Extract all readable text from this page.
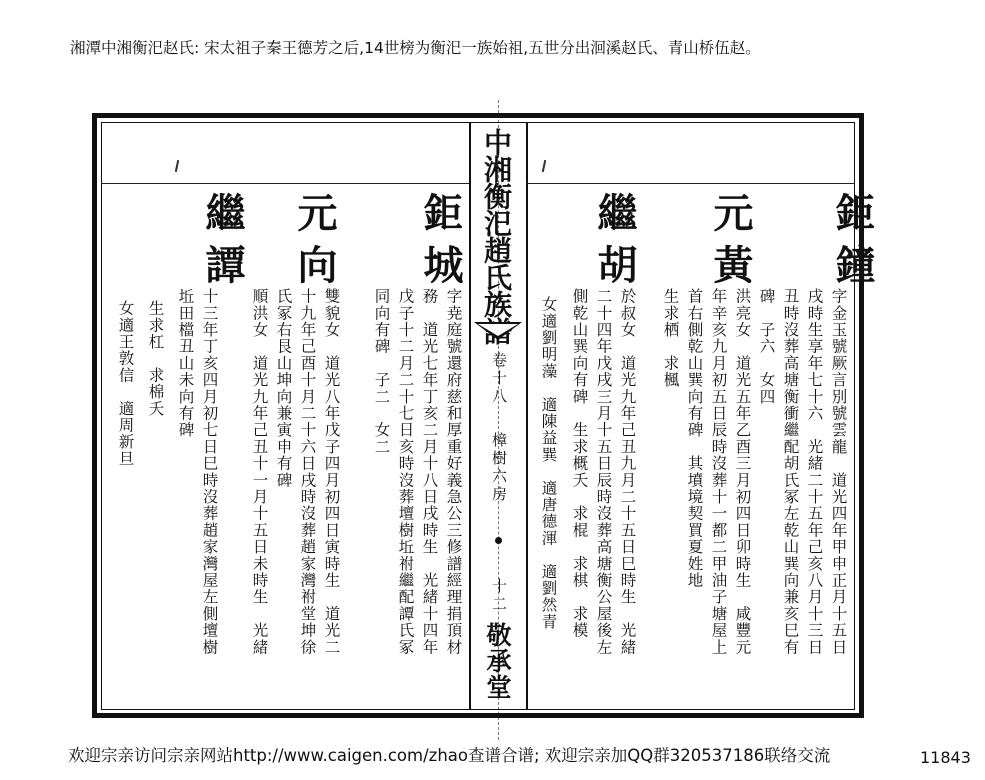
湘潭中湘衡汜赵氏: 宋太祖子秦王德芳之后,14世榜为衡汜一族始祖,五世分出洄溪赵氏、青山桥伍赵。
中湘衡汜趙氏族譜
卷十八
樟樹六房
十二
敬承堂
鉅鐘
元黃
繼胡
字金玉號厥言別號雲龍　道光四年甲申正月十五日
戌時生享年七十六　光緒二十五年己亥八月十三日
丑時沒葬高塘衡衝繼配胡氏冢左乾山巽向兼亥巳有
碑　子六　女四
洪亮女　道光五年乙酉三月初四日卯時生　咸豐元
年辛亥九月初五日辰時沒葬十一都二甲油子塘屋上
首右側乾山巽向有碑　其墳境契買夏姓地
生求栖　求楓
於叔女　道光九年己丑九月二十五日巳時生　光緒
二十四年戊戌三月十五日辰時沒葬高塘衡公屋後左
側乾山巽向有碑　生求概夭　求棍　求棋　求模
女適劉明藻　適陳益巽　適唐德渾　適劉然青
鉅城
元向
繼譚
字尭庭號還府慈和厚重好義急公三修譜經理捐頂材
務　道光七年丁亥二月十八日戌時生　光緒十四年
戊子十二月二十七日亥時沒葬壇樹坵祔繼配譚氏冢
同向有碑　子二　女二
雙貌女　道光八年戊子四月初四日寅時生　道光二
十九年己酉十月二十六日戌時沒葬趙家灣祔堂坤徐
氏冢右艮山坤向兼寅申有碑
順洪女　道光九年己丑十一月十五日未時生　光緒
十三年丁亥四月初七日巳時沒葬趙家灣屋左側壇樹
坵田檔丑山未向有碑
生求杠　求棉夭
女適王敦信　適周新旦
欢迎宗亲访问宗亲网站http://www.caigen.com/zhao查谱合谱; 欢迎宗亲加QQ群320537186联络交流	11843
